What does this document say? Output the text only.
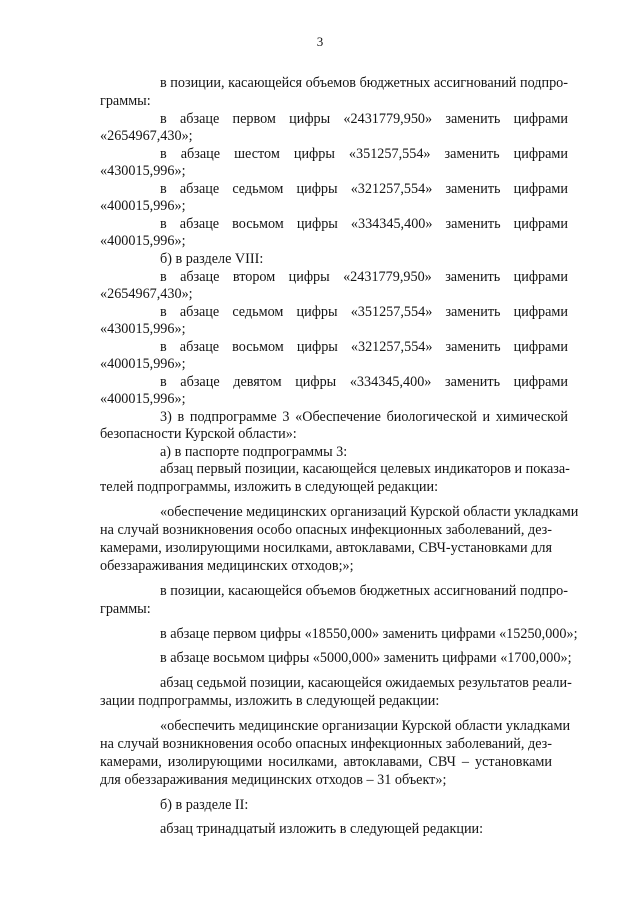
3
в позиции, касающейся объемов бюджетных ассигнований подпро-
граммы:
в абзаце первом цифры «2431779,950» заменить цифрами
«2654967,430»;
в абзаце шестом цифры «351257,554» заменить цифрами
«430015,996»;
в абзаце седьмом цифры «321257,554» заменить цифрами
«400015,996»;
в абзаце восьмом цифры «334345,400» заменить цифрами
«400015,996»;
б) в разделе VIII:
в абзаце втором цифры «2431779,950» заменить цифрами
«2654967,430»;
в абзаце седьмом цифры «351257,554» заменить цифрами
«430015,996»;
в абзаце восьмом цифры «321257,554» заменить цифрами
«400015,996»;
в абзаце девятом цифры «334345,400» заменить цифрами
«400015,996»;
3) в подпрограмме 3 «Обеспечение биологической и химической
безопасности Курской области»:
а) в паспорте подпрограммы 3:
абзац первый позиции, касающейся целевых индикаторов и показа-
телей подпрограммы, изложить в следующей редакции:
«обеспечение медицинских организаций Курской области укладками
на случай возникновения особо опасных инфекционных заболеваний, дез-
камерами, изолирующими носилками, автоклавами, СВЧ-установками для
обеззараживания медицинских отходов;»;
в позиции, касающейся объемов бюджетных ассигнований подпро-
граммы:
в абзаце первом цифры «18550,000» заменить цифрами «15250,000»;
в абзаце восьмом цифры «5000,000» заменить цифрами «1700,000»;
абзац седьмой позиции, касающейся ожидаемых результатов реали-
зации подпрограммы, изложить в следующей редакции:
«обеспечить медицинские организации Курской области укладками
на случай возникновения особо опасных инфекционных заболеваний, дез-
камерами, изолирующими носилками, автоклавами, СВЧ – установками
для обеззараживания медицинских отходов – 31 объект»;
б) в разделе II:
абзац тринадцатый изложить в следующей редакции:
